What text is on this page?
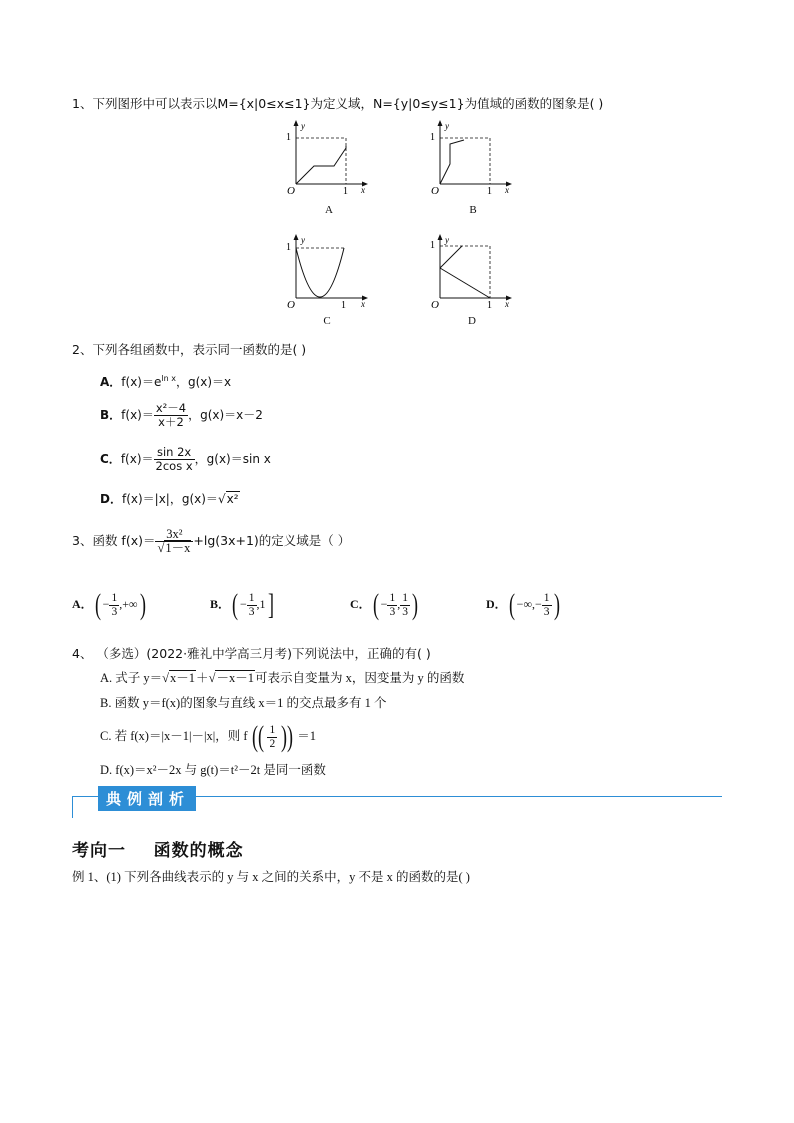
1、下列图形中可以表示以M={x|0≤x≤1}为定义域，N={y|0≤y≤1}为值域的函数的图象是( )
1
y
O	1 x
A
1
y
O	1 x
B
1
y
O	1 x
C
1 y
O	1 x
D
2、下列各组函数中，表示同一函数的是( )
A．$f(x)=e^{ln x}$，g(x)＝x
B．$f(x)= \frac{\text{x²－4}}{x+2}$ ，g(x)＝x－2
C．$f(x)= \frac{\sin 2x}{\text{2cos x}}$ ，g(x)＝sin x
D．f(x)＝|x|，g(x)＝√x²
3、函数 $f(x)= \frac{\text{3x²}}{√1-x} +\lg(3x+1)$的定义域是（ ）
A．( − $\frac{1}{3}$ ,+∞)	B．( − $\frac{1}{3} ,1$]	C．( − $\frac{1}{3}$ , $\frac{1}{3}$ )	D．( −∞,− $\frac{1}{3}$ )
4、 （多选）(2022·雅礼中学高三月考)下列说法中，正确的有( )
A. 式子 y＝√x－1＋√－x－1可表示自变量为 x，因变量为 y 的函数
B. 函数 y＝f(x)的图象与直线 x＝1 的交点最多有 1 个
C. 若 f(x)＝|x－1|－|x|，则 f (( $\frac{1}{2}$ )) ＝1
D. f(x)＝x²－2x 与 g(t)＝t²－2t 是同一函数
典例剖析
考向一    函数的概念
例 1、(1) 下列各曲线表示的 y 与 x 之间的关系中，y 不是 x 的函数的是( )
